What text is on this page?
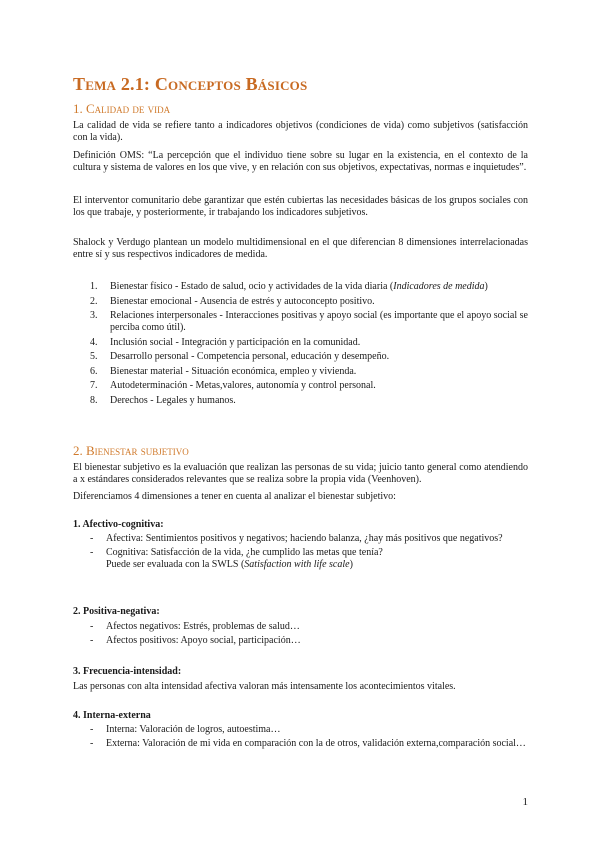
Tema 2.1: Conceptos Básicos
1. Calidad de vida
La calidad de vida se refiere tanto a indicadores objetivos (condiciones de vida) como subjetivos (satisfacción con la vida).
Definición OMS: “La percepción que el individuo tiene sobre su lugar en la existencia, en el contexto de la cultura y sistema de valores en los que vive, y en relación con sus objetivos, expectativas, normas e inquietudes”.
El interventor comunitario debe garantizar que estén cubiertas las necesidades básicas de los grupos sociales con los que trabaje, y posteriormente, ir trabajando los indicadores subjetivos.
Shalock y Verdugo plantean un modelo multidimensional en el que diferencian 8 dimensiones interrelacionadas entre sí y sus respectivos indicadores de medida.
1. Bienestar físico - Estado de salud, ocio y actividades de la vida diaria (Indicadores de medida)
2. Bienestar emocional - Ausencia de estrés y autoconcepto positivo.
3. Relaciones interpersonales - Interacciones positivas y apoyo social (es importante que el apoyo social se perciba como útil).
4. Inclusión social - Integración y participación en la comunidad.
5. Desarrollo personal - Competencia personal, educación y desempeño.
6. Bienestar material - Situación económica, empleo y vivienda.
7. Autodeterminación - Metas,valores, autonomía y control personal.
8. Derechos - Legales y humanos.
2. Bienestar subjetivo
El bienestar subjetivo es la evaluación que realizan las personas de su vida; juicio tanto general como atendiendo a x estándares considerados relevantes que se realiza sobre la propia vida (Veenhoven).
Diferenciamos 4 dimensiones a tener en cuenta al analizar el bienestar subjetivo:
1. Afectivo-cognitiva:
- Afectiva: Sentimientos positivos y negativos; haciendo balanza, ¿hay más positivos que negativos?
- Cognitiva: Satisfacción de la vida, ¿he cumplido las metas que tenía?
Puede ser evaluada con la SWLS (Satisfaction with life scale)
2. Positiva-negativa:
- Afectos negativos: Estrés, problemas de salud…
- Afectos positivos: Apoyo social, participación…
3. Frecuencia-intensidad:
Las personas con alta intensidad afectiva valoran más intensamente los acontecimientos vitales.
4. Interna-externa
- Interna: Valoración de logros, autoestima…
- Externa: Valoración de mi vida en comparación con la de otros, validación externa,comparación social…
1
